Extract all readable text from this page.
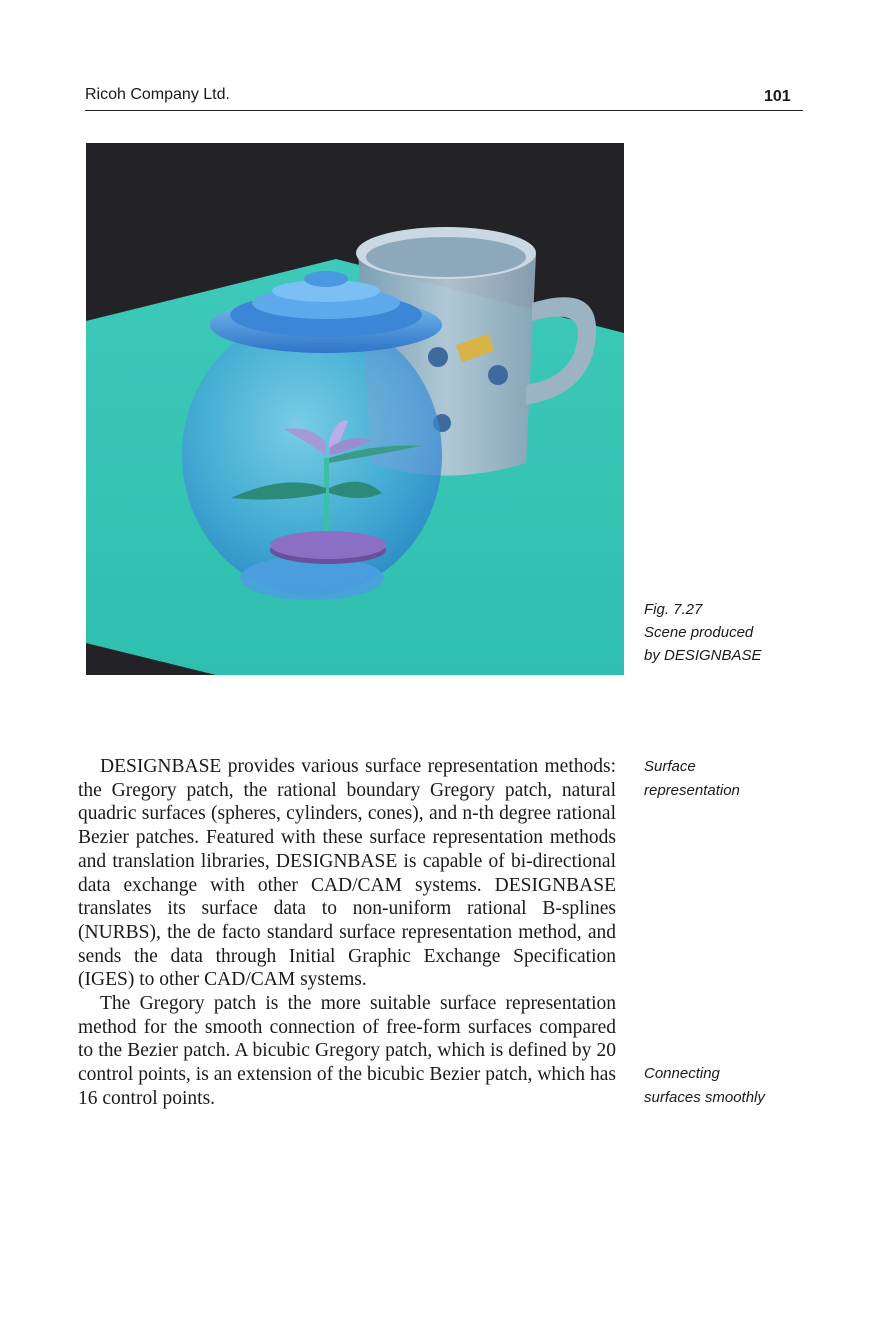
Ricoh Company Ltd.	101
Fig. 7.27
Scene produced
by DESIGNBASE
Surface
representation
Connecting
surfaces smoothly

DESIGNBASE provides various surface representation methods: the Gregory patch, the rational boundary Gregory patch, natural quadric surfaces (spheres, cylinders, cones), and n-th degree rational Bezier patches. Featured with these surface representation methods and translation libraries, DESIGNBASE is capable of bi-directional data exchange with other CAD/CAM systems. DESIGNBASE translates its surface data to non-uniform rational B-splines (NURBS), the de facto standard surface representation method, and sends the data through Initial Graphic Exchange Specification (IGES) to other CAD/CAM systems.

The Gregory patch is the more suitable surface representation method for the smooth connection of free-form surfaces compared to the Bezier patch. A bicubic Gregory patch, which is defined by 20 control points, is an extension of the bicubic Bezier patch, which has 16 control points.
